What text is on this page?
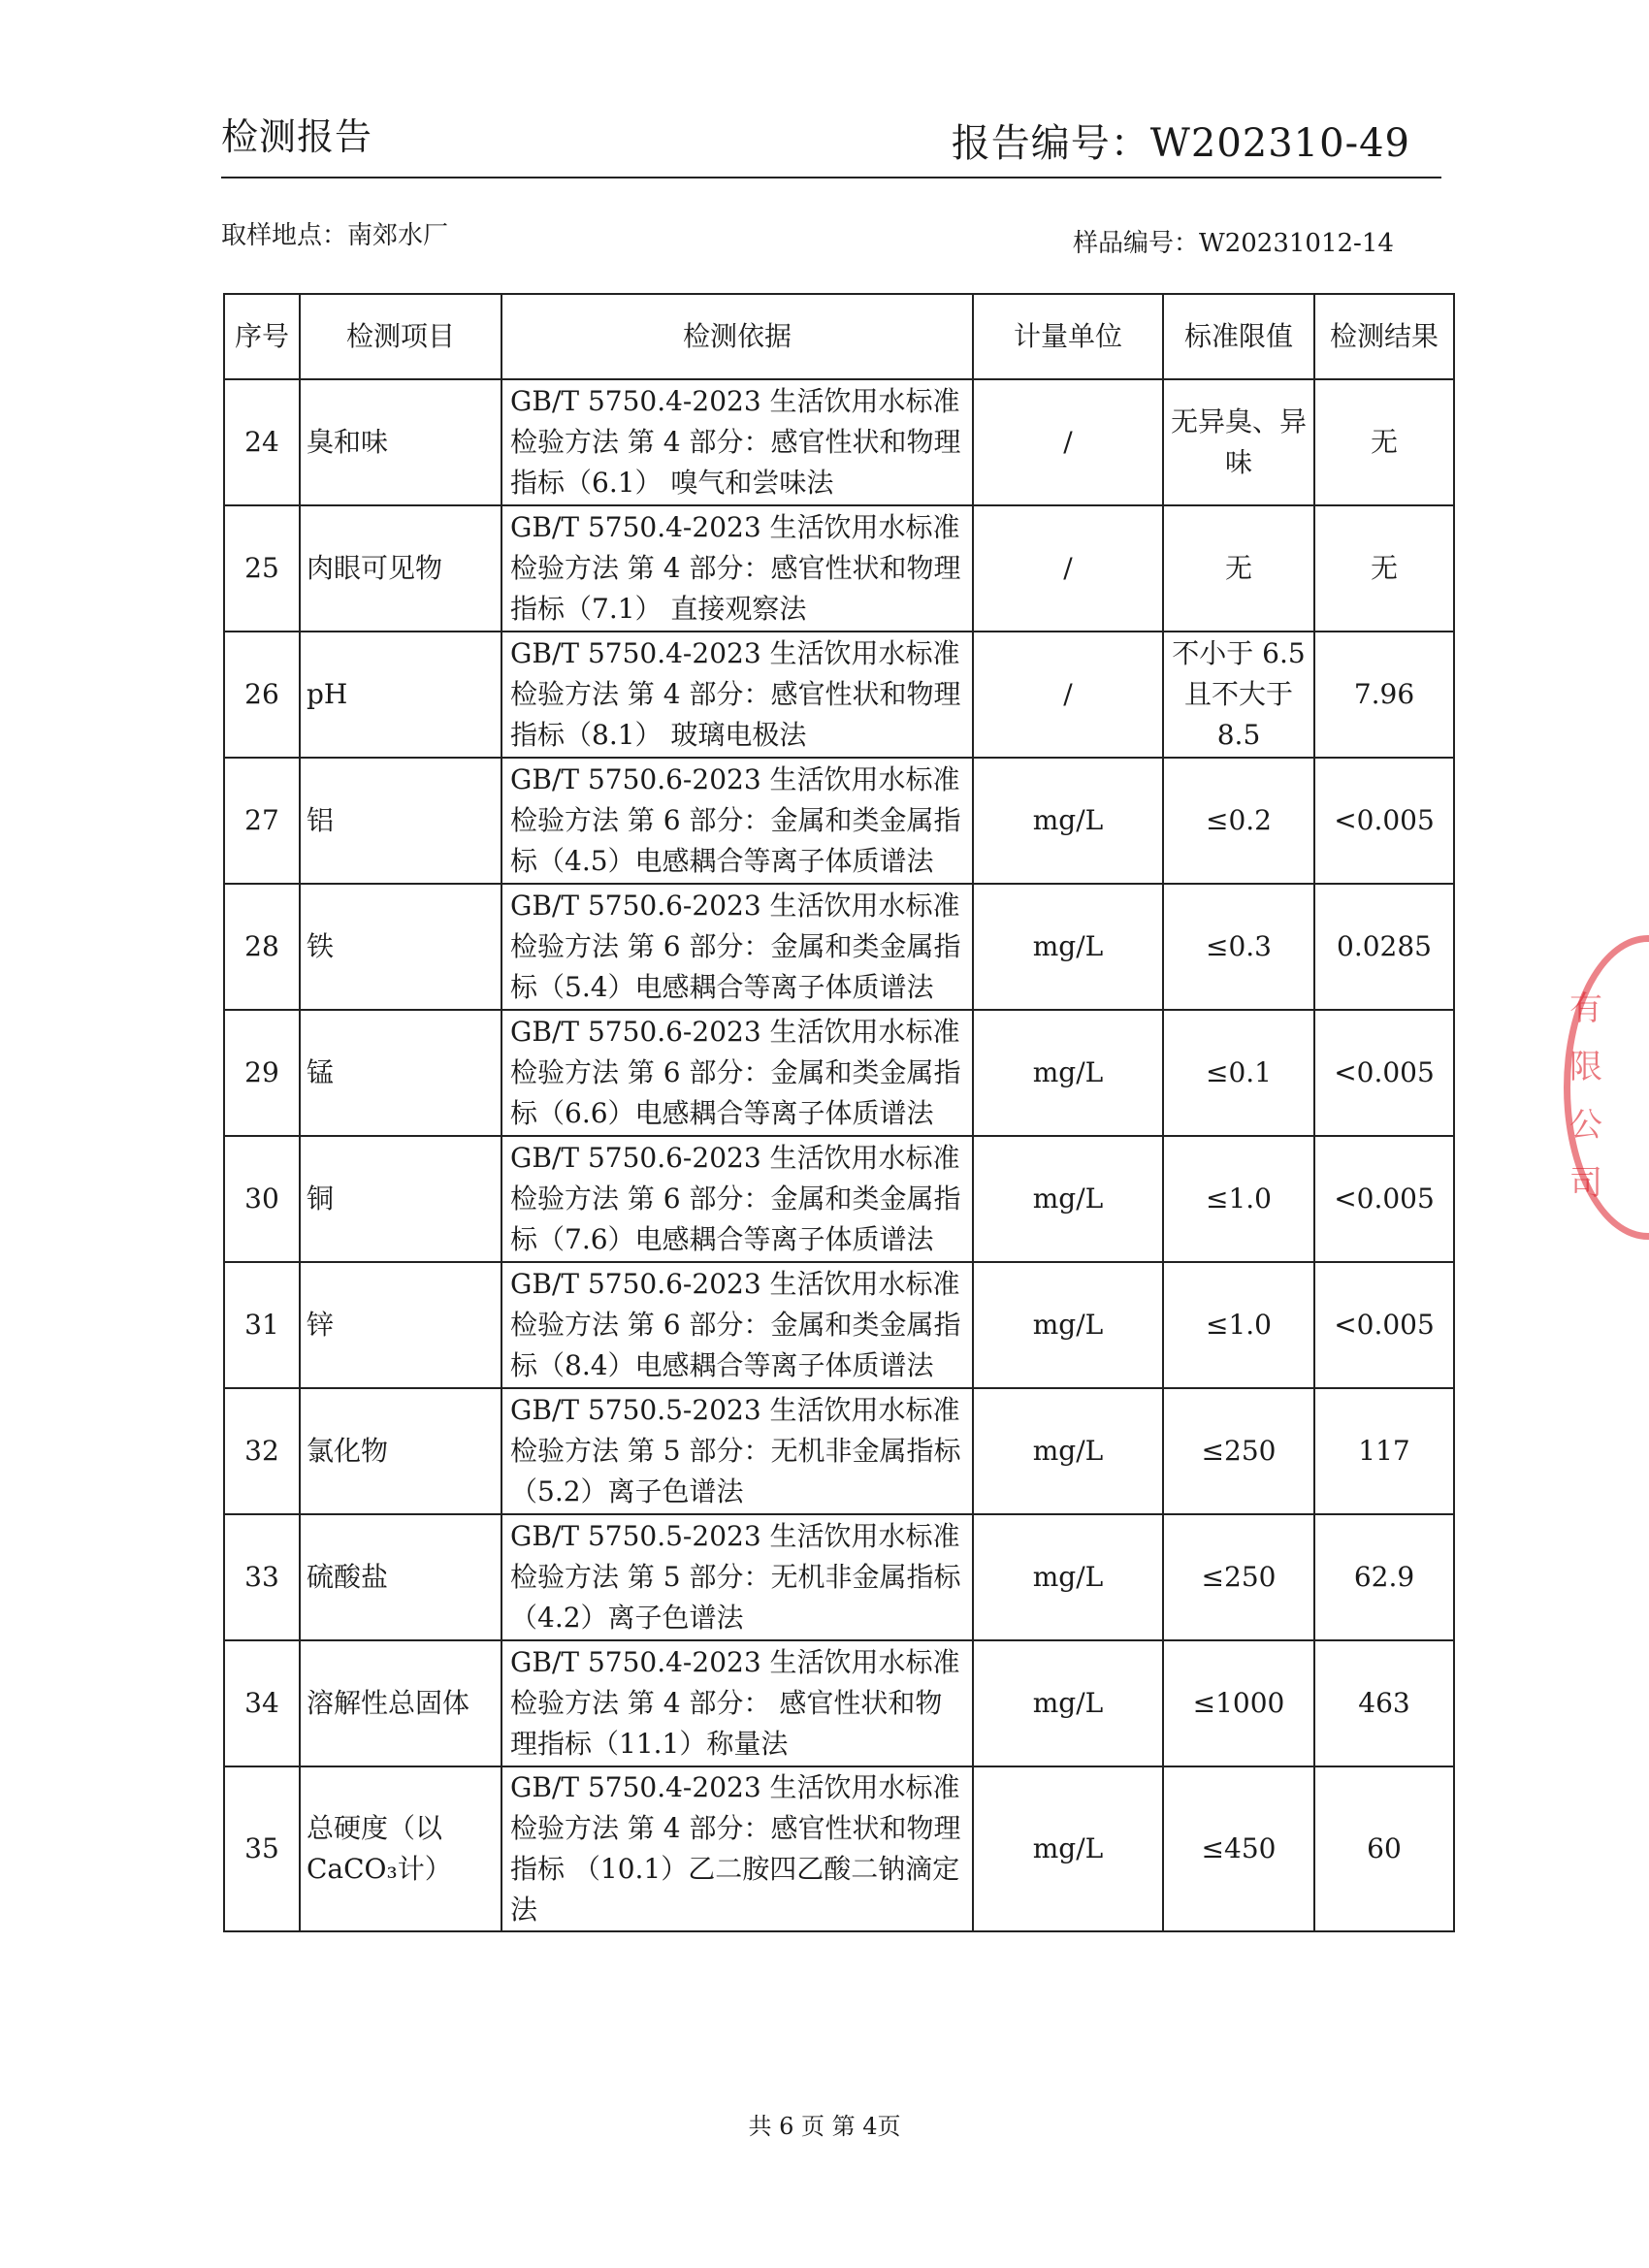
检测报告	报告编号：W202310-49
取样地点：南郊水厂	样品编号：W20231012-14
序号	检测项目	检测依据	计量单位	标准限值	检测结果
24	臭和味	GB/T 5750.4-2023 生活饮用水标准检验方法 第 4 部分：感官性状和物理指标（6.1） 嗅气和尝味法	/	无异臭、异味	无
25	肉眼可见物	GB/T 5750.4-2023 生活饮用水标准检验方法 第 4 部分：感官性状和物理指标（7.1） 直接观察法	/	无	无
26	pH	GB/T 5750.4-2023 生活饮用水标准检验方法 第 4 部分：感官性状和物理指标（8.1） 玻璃电极法	/	不小于 6.5 且不大于 8.5	7.96
27	铝	GB/T 5750.6-2023 生活饮用水标准检验方法 第 6 部分：金属和类金属指标（4.5）电感耦合等离子体质谱法	mg/L	≤0.2	<0.005
28	铁	GB/T 5750.6-2023 生活饮用水标准检验方法 第 6 部分：金属和类金属指标（5.4）电感耦合等离子体质谱法	mg/L	≤0.3	0.0285
29	锰	GB/T 5750.6-2023 生活饮用水标准检验方法 第 6 部分：金属和类金属指标（6.6）电感耦合等离子体质谱法	mg/L	≤0.1	<0.005
30	铜	GB/T 5750.6-2023 生活饮用水标准检验方法 第 6 部分：金属和类金属指标（7.6）电感耦合等离子体质谱法	mg/L	≤1.0	<0.005
31	锌	GB/T 5750.6-2023 生活饮用水标准检验方法 第 6 部分：金属和类金属指标（8.4）电感耦合等离子体质谱法	mg/L	≤1.0	<0.005
32	氯化物	GB/T 5750.5-2023 生活饮用水标准检验方法 第 5 部分：无机非金属指标（5.2）离子色谱法	mg/L	≤250	117
33	硫酸盐	GB/T 5750.5-2023 生活饮用水标准检验方法 第 5 部分：无机非金属指标（4.2）离子色谱法	mg/L	≤250	62.9
34	溶解性总固体	GB/T 5750.4-2023 生活饮用水标准检验方法 第 4 部分： 感官性状和物理指标（11.1）称量法	mg/L	≤1000	463
35	总硬度（以CaCO₃计）	GB/T 5750.4-2023 生活饮用水标准检验方法 第 4 部分：感官性状和物理指标 （10.1）乙二胺四乙酸二钠滴定法	mg/L	≤450	60
有限公司
共 6 页 第 4页
